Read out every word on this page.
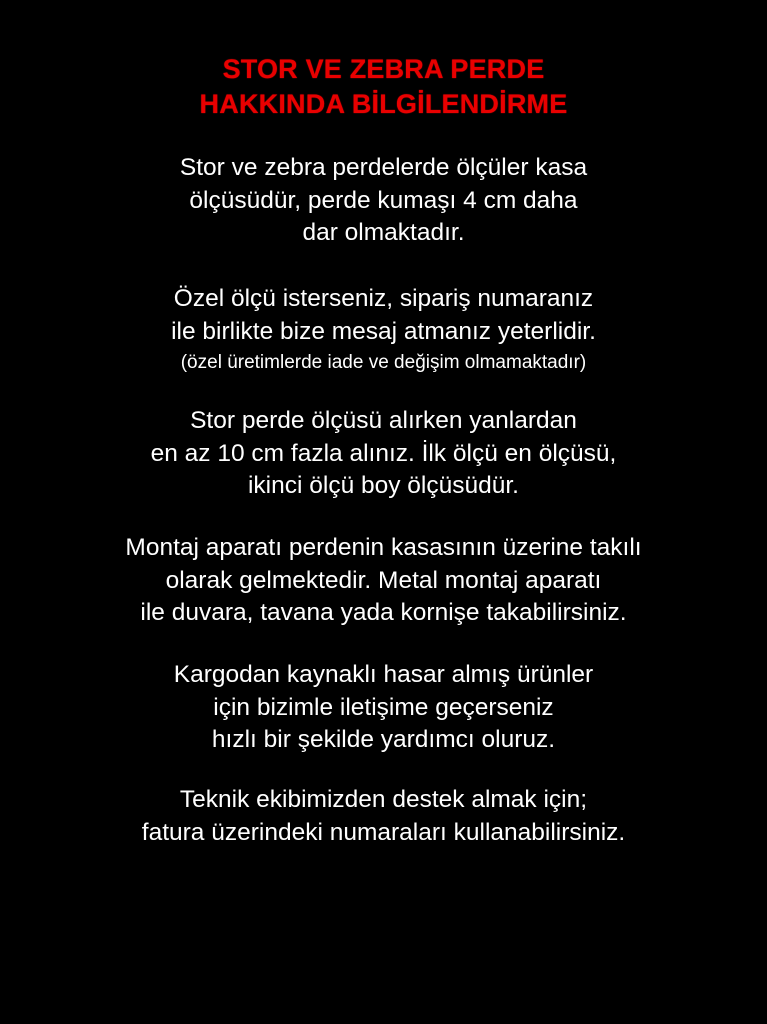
STOR VE ZEBRA PERDE
HAKKINDA BİLGİLENDİRME

Stor ve zebra perdelerde ölçüler kasa
ölçüsüdür, perde kumaşı 4 cm daha
dar olmaktadır.

Özel ölçü isterseniz, sipariş numaranız
ile birlikte bize mesaj atmanız yeterlidir.
(özel üretimlerde iade ve değişim olmamaktadır)

Stor perde ölçüsü alırken yanlardan
en az 10 cm fazla alınız. İlk ölçü en ölçüsü,
ikinci ölçü boy ölçüsüdür.

Montaj aparatı perdenin kasasının üzerine takılı
olarak gelmektedir. Metal montaj aparatı
ile duvara, tavana yada kornişe takabilirsiniz.

Kargodan kaynaklı hasar almış ürünler
için bizimle iletişime geçerseniz
hızlı bir şekilde yardımcı oluruz.

Teknik ekibimizden destek almak için;
fatura üzerindeki numaraları kullanabilirsiniz.
